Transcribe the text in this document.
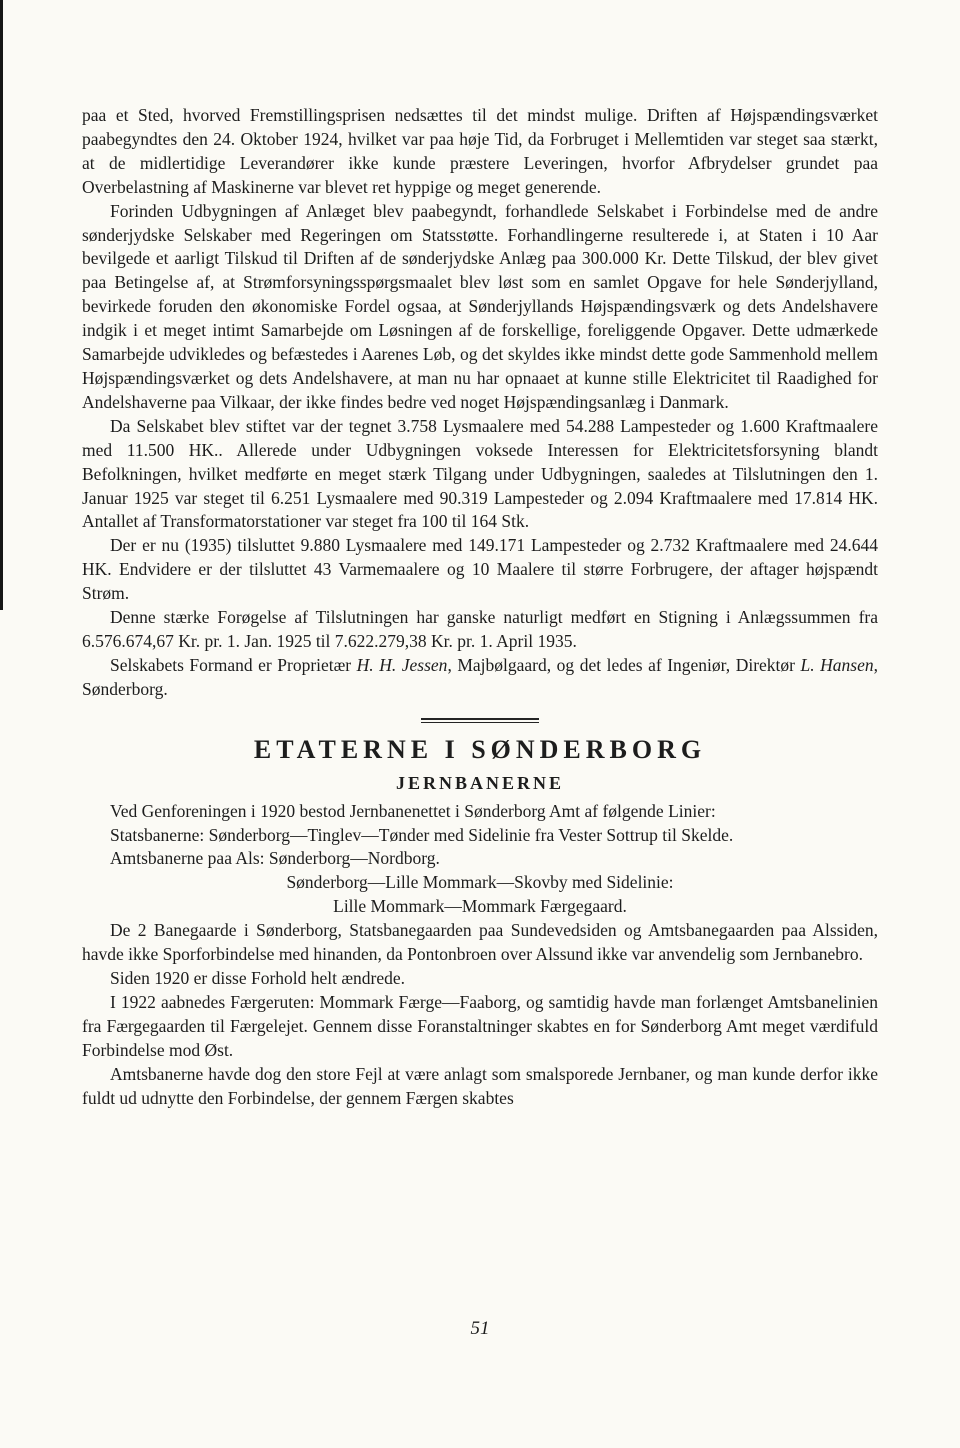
paa et Sted, hvorved Fremstillingsprisen nedsættes til det mindst mulige. Driften af Højspændingsværket paabegyndtes den 24. Oktober 1924, hvilket var paa høje Tid, da Forbruget i Mellemtiden var steget saa stærkt, at de midlertidige Leverandører ikke kunde præstere Leveringen, hvorfor Afbrydelser grundet paa Overbelastning af Maskinerne var blevet ret hyppige og meget generende.

Forinden Udbygningen af Anlæget blev paabegyndt, forhandlede Selskabet i Forbindelse med de andre sønderjydske Selskaber med Regeringen om Statsstøtte. Forhandlingerne resulterede i, at Staten i 10 Aar bevilgede et aarligt Tilskud til Driften af de sønderjydske Anlæg paa 300.000 Kr. Dette Tilskud, der blev givet paa Betingelse af, at Strømforsyningsspørgsmaalet blev løst som en samlet Opgave for hele Sønderjylland, bevirkede foruden den økonomiske Fordel ogsaa, at Sønderjyllands Højspændingsværk og dets Andelshavere indgik i et meget intimt Samarbejde om Løsningen af de forskellige, foreliggende Opgaver. Dette udmærkede Samarbejde udvikledes og befæstedes i Aarenes Løb, og det skyldes ikke mindst dette gode Sammenhold mellem Højspændingsværket og dets Andelshavere, at man nu har opnaaet at kunne stille Elektricitet til Raadighed for Andelshaverne paa Vilkaar, der ikke findes bedre ved noget Højspændingsanlæg i Danmark.

Da Selskabet blev stiftet var der tegnet 3.758 Lysmaalere med 54.288 Lampesteder og 1.600 Kraftmaalere med 11.500 HK.. Allerede under Udbygningen voksede Interessen for Elektricitetsforsyning blandt Befolkningen, hvilket medførte en meget stærk Tilgang under Udbygningen, saaledes at Tilslutningen den 1. Januar 1925 var steget til 6.251 Lysmaalere med 90.319 Lampesteder og 2.094 Kraftmaalere med 17.814 HK. Antallet af Transformatorstationer var steget fra 100 til 164 Stk.

Der er nu (1935) tilsluttet 9.880 Lysmaalere med 149.171 Lampesteder og 2.732 Kraftmaalere med 24.644 HK. Endvidere er der tilsluttet 43 Varmemaalere og 10 Maalere til større Forbrugere, der aftager højspændt Strøm.

Denne stærke Forøgelse af Tilslutningen har ganske naturligt medført en Stigning i Anlægssummen fra 6.576.674,67 Kr. pr. 1. Jan. 1925 til 7.622.279,38 Kr. pr. 1. April 1935.

Selskabets Formand er Proprietær H. H. Jessen, Majbølgaard, og det ledes af Ingeniør, Direktør L. Hansen, Sønderborg.

ETATERNE I SØNDERBORG
JERNBANERNE

Ved Genforeningen i 1920 bestod Jernbanenettet i Sønderborg Amt af følgende Linier:

Statsbanerne: Sønderborg—Tinglev—Tønder med Sidelinie fra Vester Sottrup til Skelde.

Amtsbanerne paa Als: Sønderborg—Nordborg.

Sønderborg—Lille Mommark—Skovby med Sidelinie:

Lille Mommark—Mommark Færgegaard.

De 2 Banegaarde i Sønderborg, Statsbanegaarden paa Sundevedsiden og Amtsbanegaarden paa Alssiden, havde ikke Sporforbindelse med hinanden, da Pontonbroen over Alssund ikke var anvendelig som Jernbanebro.

Siden 1920 er disse Forhold helt ændrede.

I 1922 aabnedes Færgeruten: Mommark Færge—Faaborg, og samtidig havde man forlænget Amtsbanelinien fra Færgegaarden til Færgelejet. Gennem disse Foranstaltninger skabtes en for Sønderborg Amt meget værdifuld Forbindelse mod Øst.

Amtsbanerne havde dog den store Fejl at være anlagt som smalsporede Jernbaner, og man kunde derfor ikke fuldt ud udnytte den Forbindelse, der gennem Færgen skabtes

51
